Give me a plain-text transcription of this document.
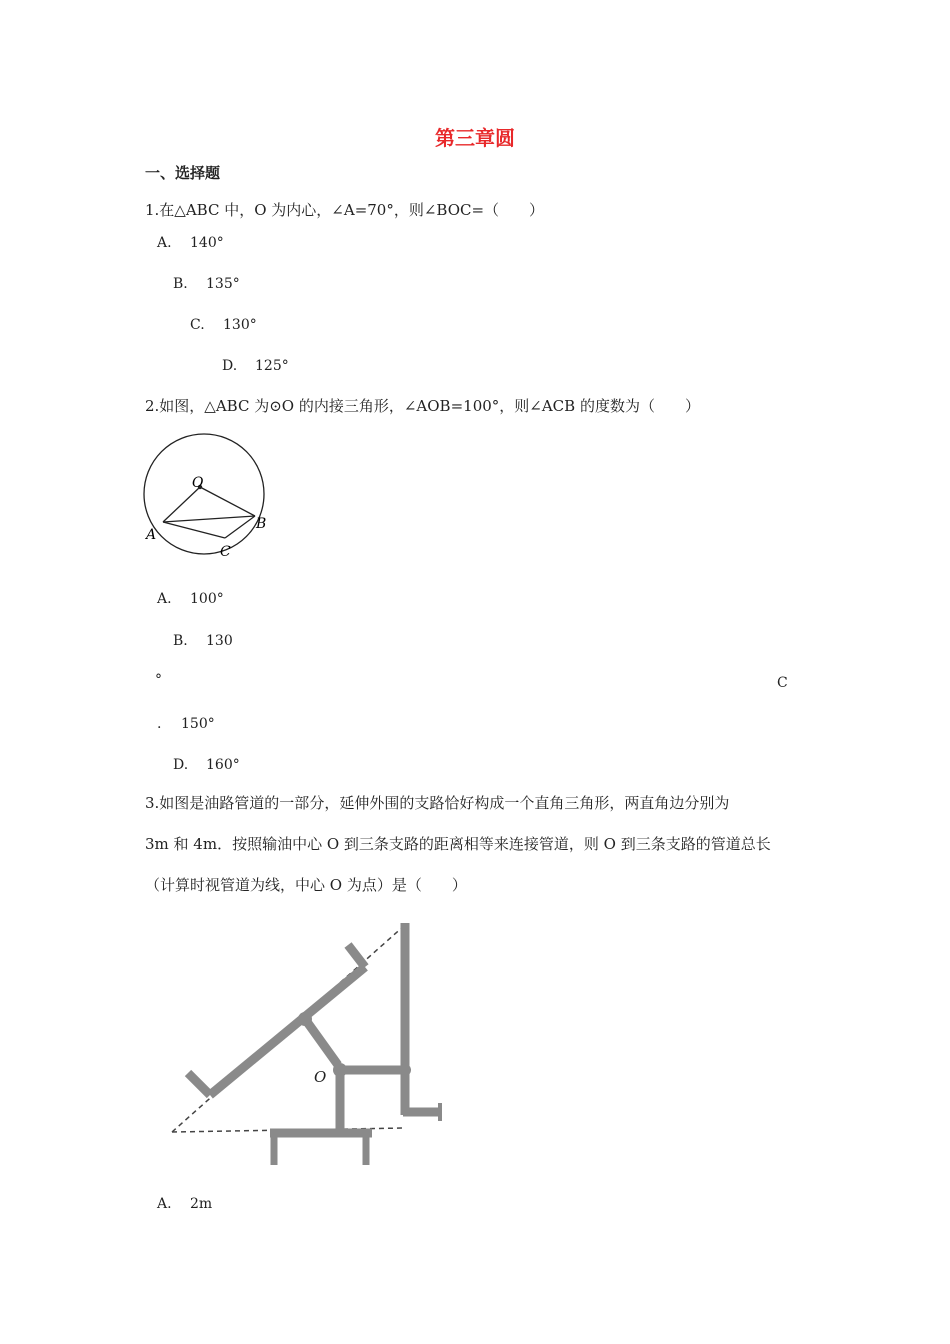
第三章圆
一、选择题
1.在△ABC 中，O 为内心，∠A=70°，则∠BOC=（　　）
A. 140°
B. 135°
C. 130°
D. 125°
2.如图，△ABC 为⊙O 的内接三角形，∠AOB=100°，则∠ACB 的度数为（　　）
O
A
B
C
A. 100°
B. 130
°	C
. 150°
D. 160°
3.如图是油路管道的一部分，延伸外围的支路恰好构成一个直角三角形，两直角边分别为
3m 和 4m．按照输油中心 O 到三条支路的距离相等来连接管道，则 O 到三条支路的管道总长
（计算时视管道为线，中心 O 为点）是（　　）
O
A. 2m
